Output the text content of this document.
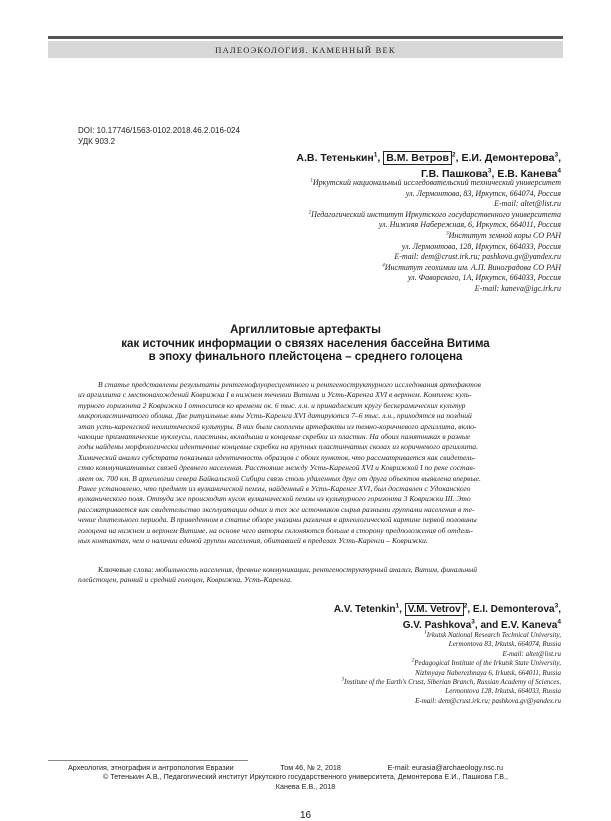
ПАЛЕОЭКОЛОГИЯ. КАМЕННЫЙ ВЕК
DOI: 10.17746/1563-0102.2018.46.2.016-024
УДК 903.2
А.В. Тетенькин$^1$, В.М. Ветров $^2$, Е.И. Демонтерова$^3$,
Г.В. Пашкова$^3$, Е.В. Канева$^4$
$^1$Иркутский национальный исследовательский технический университет
ул. Лермонтова, 83, Иркутск, 664074, Россия
E-mail: altet@list.ru
$^2$Педагогический институт Иркутского государственного университета
ул. Нижняя Набережная, 6, Иркутск, 664011, Россия
$^3$Институт земной коры СО РАН
ул. Лермонтова, 128, Иркутск, 664033, Россия
E-mail: dem@crust.irk.ru; pashkova.gv@yandex.ru
$^4$Институт геохимии им. А.П. Виноградова СО РАН
ул. Фаворского, 1А, Иркутск, 664033, Россия
E-mail: kaneva@igc.irk.ru
Аргиллитовые артефакты
как источник информации о связях населения бассейна Витима
в эпоху финального плейстоцена – среднего голоцена
В статье представлены результаты рентгенофлуоресцентного и рентгеноструктурного исследования артефактов
из аргиллита с местонахождений Коврижка I в нижнем течении Витима и Усть-Каренга XVI в верхнем. Комплекс куль-
турного горизонта 2 Коврижки I относится ко времени ок. 6 тыс. л.н. и принадлежит кругу бескерамических культур
микропластинчатого облика. Две ритуальные ямы Усть-Каренги XVI датируются 7–6 тыс. л.н., приходятся на поздний
этап усть-каренгской неолитической культуры. В них были скоплены артефакты из темно-коричневого аргиллита, вклю-
чающие призматические нуклеусы, пластины, вкладыши и концевые скребки из пластин. На обоих памятниках в разные
годы найдены морфологически идентичные концевые скребки на крупных пластинчатых сколах из коричневого аргиллита.
Химический анализ субстрата показывал идентичность образцов с обоих пунктов, что рассматривается как свидетель-
ство коммуникативных связей древнего населения. Расстояние между Усть-Каренгой XVI и Коврижкой I по реке состав-
ляет ок. 700 км. В археологии севера Байкальской Сибири связь столь удаленных друг от друга объектов выявлена впервые.
Ранее установлено, что предмет из вулканической пемзы, найденный в Усть-Каренге XVI, был доставлен с Удоканского
вулканического поля. Оттуда же происходит кусок вулканической пемзы из культурного горизонта 3 Коврижки III. Это
рассматривается как свидетельство эксплуатации одних и тех же источников сырья разными группами населения в те-
чение длительного периода. В приведенном в статье обзоре указаны различия в археологической картине первой половины
голоцена на нижнем и верхнем Витиме, на основе чего авторы склоняются больше в сторону предположения об отдель-
ных контактах, чем о наличии единой группы населения, обитавшей в пределах Усть-Каренги – Коврижки.
Ключевые слова: мобильность населения, древние коммуникации, рентгеноструктурный анализ, Витим, финальный
плейстоцен, ранний и средний голоцен, Коврижка, Усть-Каренга.
A.V. Tetenkin$^1$, V.M. Vetrov $^2$, E.I. Demonterova$^3$,
G.V. Pashkova$^3$, and E.V. Kaneva$^4$
$^1$Irkutsk National Research Technical University,
Lermontova 83, Irkutsk, 664074, Russia
E-mail: altet@list.ru
$^2$Pedagogical Institute of the Irkutsk State University,
Nizhnyaya Naberezhnaya 6, Irkutsk, 664011, Russia
$^3$Institute of the Earth's Crust, Siberian Branch, Russian Academy of Sciences,
Lermontova 128, Irkutsk, 664033, Russia
E-mail: dem@crust.irk.ru; pashkova.gv@yandex.ru
Археология, этнография и антропология Евразии	Том 46, № 2, 2018	E-mail: eurasia@archaeology.nsc.ru
© Тетенькин А.В., Педагогический институт Иркутского государственного университета, Демонтерова Е.И., Пашкова Г.В.,
Канева Е.В., 2018
16
